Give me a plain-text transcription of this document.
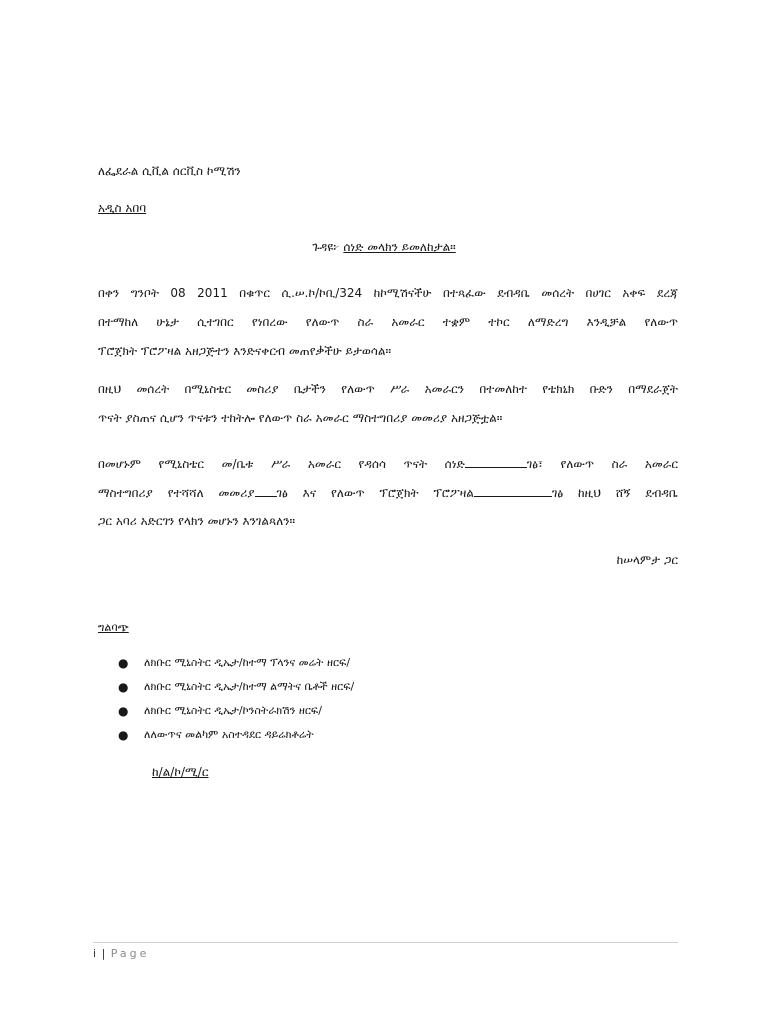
ለፌደራል ሲቪል ሰርቪስ ኮሚሽን
አዲስ አበባ
ጉዳዩ፦ ሰነድ መላክን ይመለከታል።
በቀን ግንቦት 08 2011 በቁጥር ሲ.ሠ.ኮ/ኮቢ/324 ከኮሚሽናችሁ በተጻፈው ደብዳቤ መሰረት በሀገር አቀፍ ደረጃ
በተማከለ ሁኔታ ሲተገበር የነበረው የለውጥ ስራ አመራር ተቋም ተኮር ለማድረግ እንዲቻል የለውጥ
ፕሮጀክት ፕሮፖዛል አዘጋጅተን እንድናቀርብ መጠየቃችሁ ይታወሳል።
በዚህ መሰረት በሚኒስቴር መስሪያ ቤታችን የለውጥ ሥራ አመራርን በተመለከተ የቴክኒክ ቡድን በማደራጀት
ጥናት ያስጠና ሲሆን ጥናቱን ተከትሎ የለውጥ ስራ አመራር ማስተግበሪያ መመሪያ አዘጋጅቷል።
በመሆኑም የሚኒስቴር መ/ቤቱ ሥራ አመራር የዳሰሳ ጥናት ሰነድ	ገፅ፣ የለውጥ ስራ አመራር
ማስተግበሪያ የተሻሻለ መመሪያ ገፅ እና የለውጥ ፕሮጀክት ፕሮፖዛል	ገፅ ከዚህ ሸኝ ደብዳቤ
ጋር አባሪ አድርገን የላክን መሆኑን እንገልጻለን።
ከሠላምታ ጋር
ግልባጭ
● ለክቡር ሚኒስትር ዲኤታ/ከተማ ፕላንና መሬት ዘርፍ/
● ለክቡር ሚኒስትር ዲኤታ/ከተማ ልማትና ቤቶች ዘርፍ/
● ለክቡር ሚኒስትር ዲኤታ/ኮንስትራክሽን ዘርፍ/
● ለለውጥና መልካም አስተዳደር ዳይሬክቶሬት
ከ/ል/ኮ/ሚ/ር
i | Page
